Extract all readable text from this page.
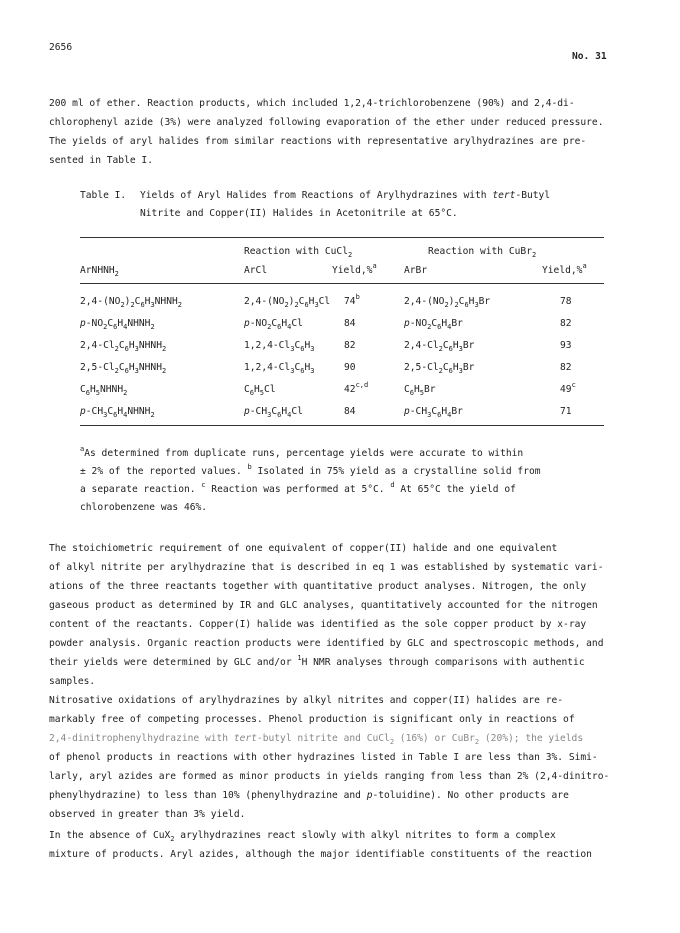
2656
No. 31
200 ml of ether. Reaction products, which included 1,2,4-trichlorobenzene (90%) and 2,4-di-
chlorophenyl azide (3%) were analyzed following evaporation of the ether under reduced pressure.
The yields of aryl halides from similar reactions with representative arylhydrazines are pre-
sented in Table I.
Table I. Yields of Aryl Halides from Reactions of Arylhydrazines with tert-Butyl
Nitrite and Copper(II) Halides in Acetonitrile at 65°C.
Reaction with CuCl$_2$	Reaction with CuBr$_2$
ArNHNH$_2$	ArCl	Yield,%$^a$	ArBr	Yield,%$^a$
$2,4-(NO_2)_2C_6H_3NHNH_2$	$2,4-(NO_2)_2C_6H_3Cl$ 74$^b$	$2,4-(NO_2)_2C_6H_3Br$	78
$p-NO_2C_6H_4NHNH_2$	$p-NO_2C_6H_4Cl$	84	$p-NO_2C_6H_4Br$	82
$2,4-Cl_2C_6H_3NHNH_2$	$1,2,4-Cl_3C_6H_3$	82	$2,4-Cl_2C_6H_3Br$	93
$2,5-Cl_2C_6H_3NHNH_2$	$1,2,4-Cl_3C_6H_3$	90	$2,5-Cl_2C_6H_3Br$	82
$C_6H_5NHNH_2$	$C_6H_5Cl$	42$^{c,d}$	$C_6H_5Br$	49$^c$
$p-CH_3C_6H_4NHNH_2$	$p-CH_3C_6H_4Cl$	84	$p-CH_3C_6H_4Br$	71
$^a$As determined from duplicate runs, percentage yields were accurate to within
± 2% of the reported values. $^b$ Isolated in 75% yield as a crystalline solid from
a separate reaction. $^c$ Reaction was performed at 5°C. $^d$ At 65°C the yield of
chlorobenzene was 46%.
The stoichiometric requirement of one equivalent of copper(II) halide and one equivalent
of alkyl nitrite per arylhydrazine that is described in eq 1 was established by systematic vari-
ations of the three reactants together with quantitative product analyses. Nitrogen, the only
gaseous product as determined by IR and GLC analyses, quantitatively accounted for the nitrogen
content of the reactants. Copper(I) halide was identified as the sole copper product by x-ray
powder analysis. Organic reaction products were identified by GLC and spectroscopic methods, and
their yields were determined by GLC and/or $^1$H NMR analyses through comparisons with authentic
samples.
Nitrosative oxidations of arylhydrazines by alkyl nitrites and copper(II) halides are re-
markably free of competing processes. Phenol production is significant only in reactions of
2,4-dinitrophenylhydrazine with tert-butyl nitrite and CuCl$_2$ (16%) or CuBr$_2$ (20%); the yields
of phenol products in reactions with other hydrazines listed in Table I are less than 3%. Simi-
larly, aryl azides are formed as minor products in yields ranging from less than 2% (2,4-dinitro-
phenylhydrazine) to less than 10% (phenylhydrazine and p-toluidine). No other products are
observed in greater than 3% yield.
In the absence of CuX$_2$ arylhydrazines react slowly with alkyl nitrites to form a complex
mixture of products. Aryl azides, although the major identifiable constituents of the reaction
